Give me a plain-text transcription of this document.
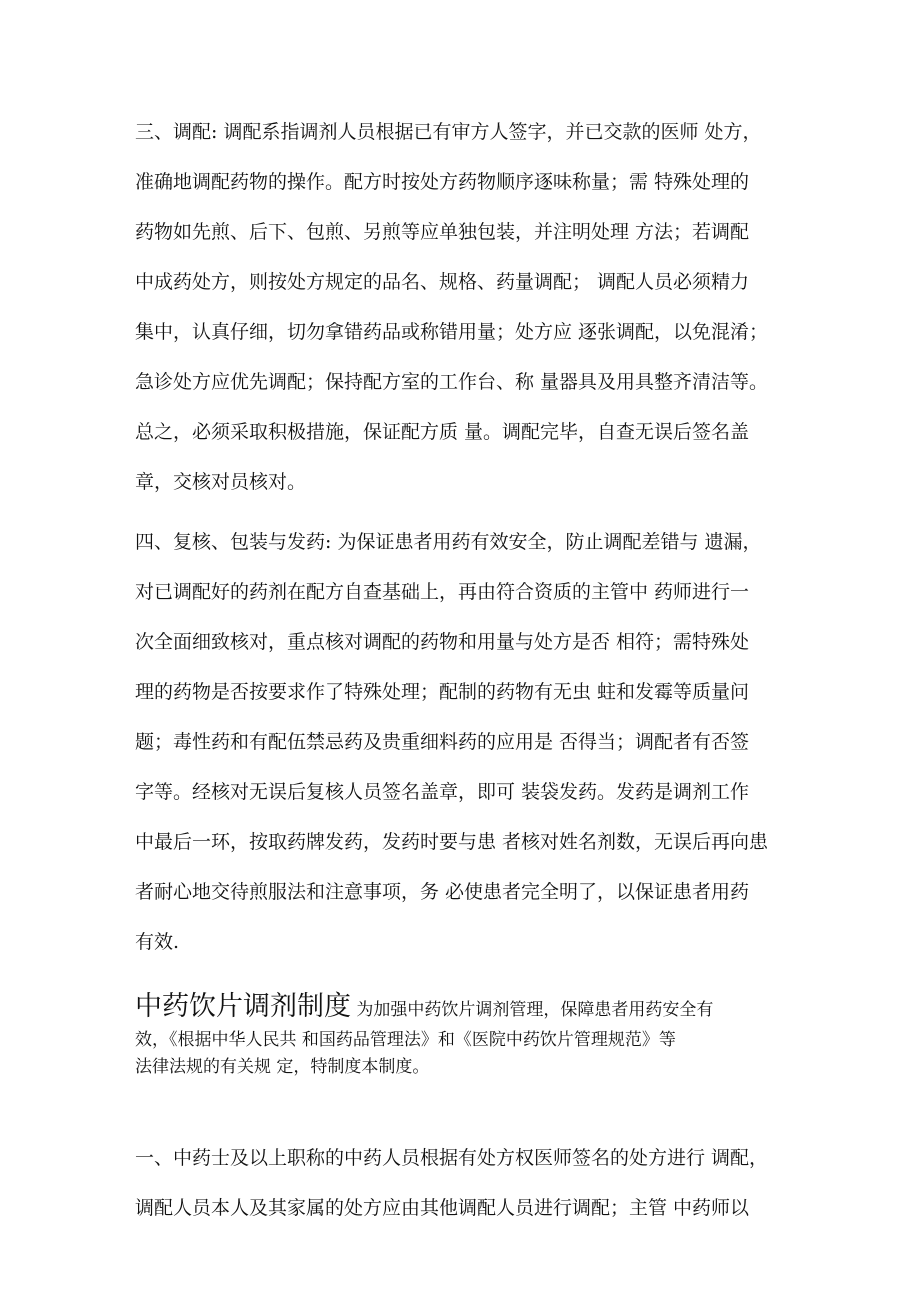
三、调配: 调配系指调剂人员根据已有审方人签字，并已交款的医师 处方，
准确地调配药物的操作。配方时按处方药物顺序逐味称量；需 特殊处理的
药物如先煎、后下、包煎、另煎等应单独包装，并注明处理 方法；若调配
中成药处方，则按处方规定的品名、规格、药量调配； 调配人员必须精力
集中，认真仔细，切勿拿错药品或称错用量；处方应 逐张调配，以免混淆；
急诊处方应优先调配；保持配方室的工作台、称 量器具及用具整齐清洁等。
总之，必须采取积极措施，保证配方质 量。调配完毕，自查无误后签名盖
章，交核对员核对。
四、复核、包装与发药: 为保证患者用药有效安全，防止调配差错与 遗漏，
对已调配好的药剂在配方自查基础上，再由符合资质的主管中 药师进行一
次全面细致核对，重点核对调配的药物和用量与处方是否 相符；需特殊处
理的药物是否按要求作了特殊处理；配制的药物有无虫 蛀和发霉等质量问
题；毒性药和有配伍禁忌药及贵重细料药的应用是 否得当；调配者有否签
字等。经核对无误后复核人员签名盖章，即可 装袋发药。发药是调剂工作
中最后一环，按取药牌发药，发药时要与患 者核对姓名剂数，无误后再向患
者耐心地交待煎服法和注意事项，务 必使患者完全明了，以保证患者用药
有效.
中药饮片调剂制度 为加强中药饮片调剂管理，保障患者用药安全有
效，《根据中华人民共 和国药品管理法》和《医院中药饮片管理规范》等
法律法规的有关规 定，特制度本制度。
一、中药士及以上职称的中药人员根据有处方权医师签名的处方进行 调配，
调配人员本人及其家属的处方应由其他调配人员进行调配；主管 中药师以
